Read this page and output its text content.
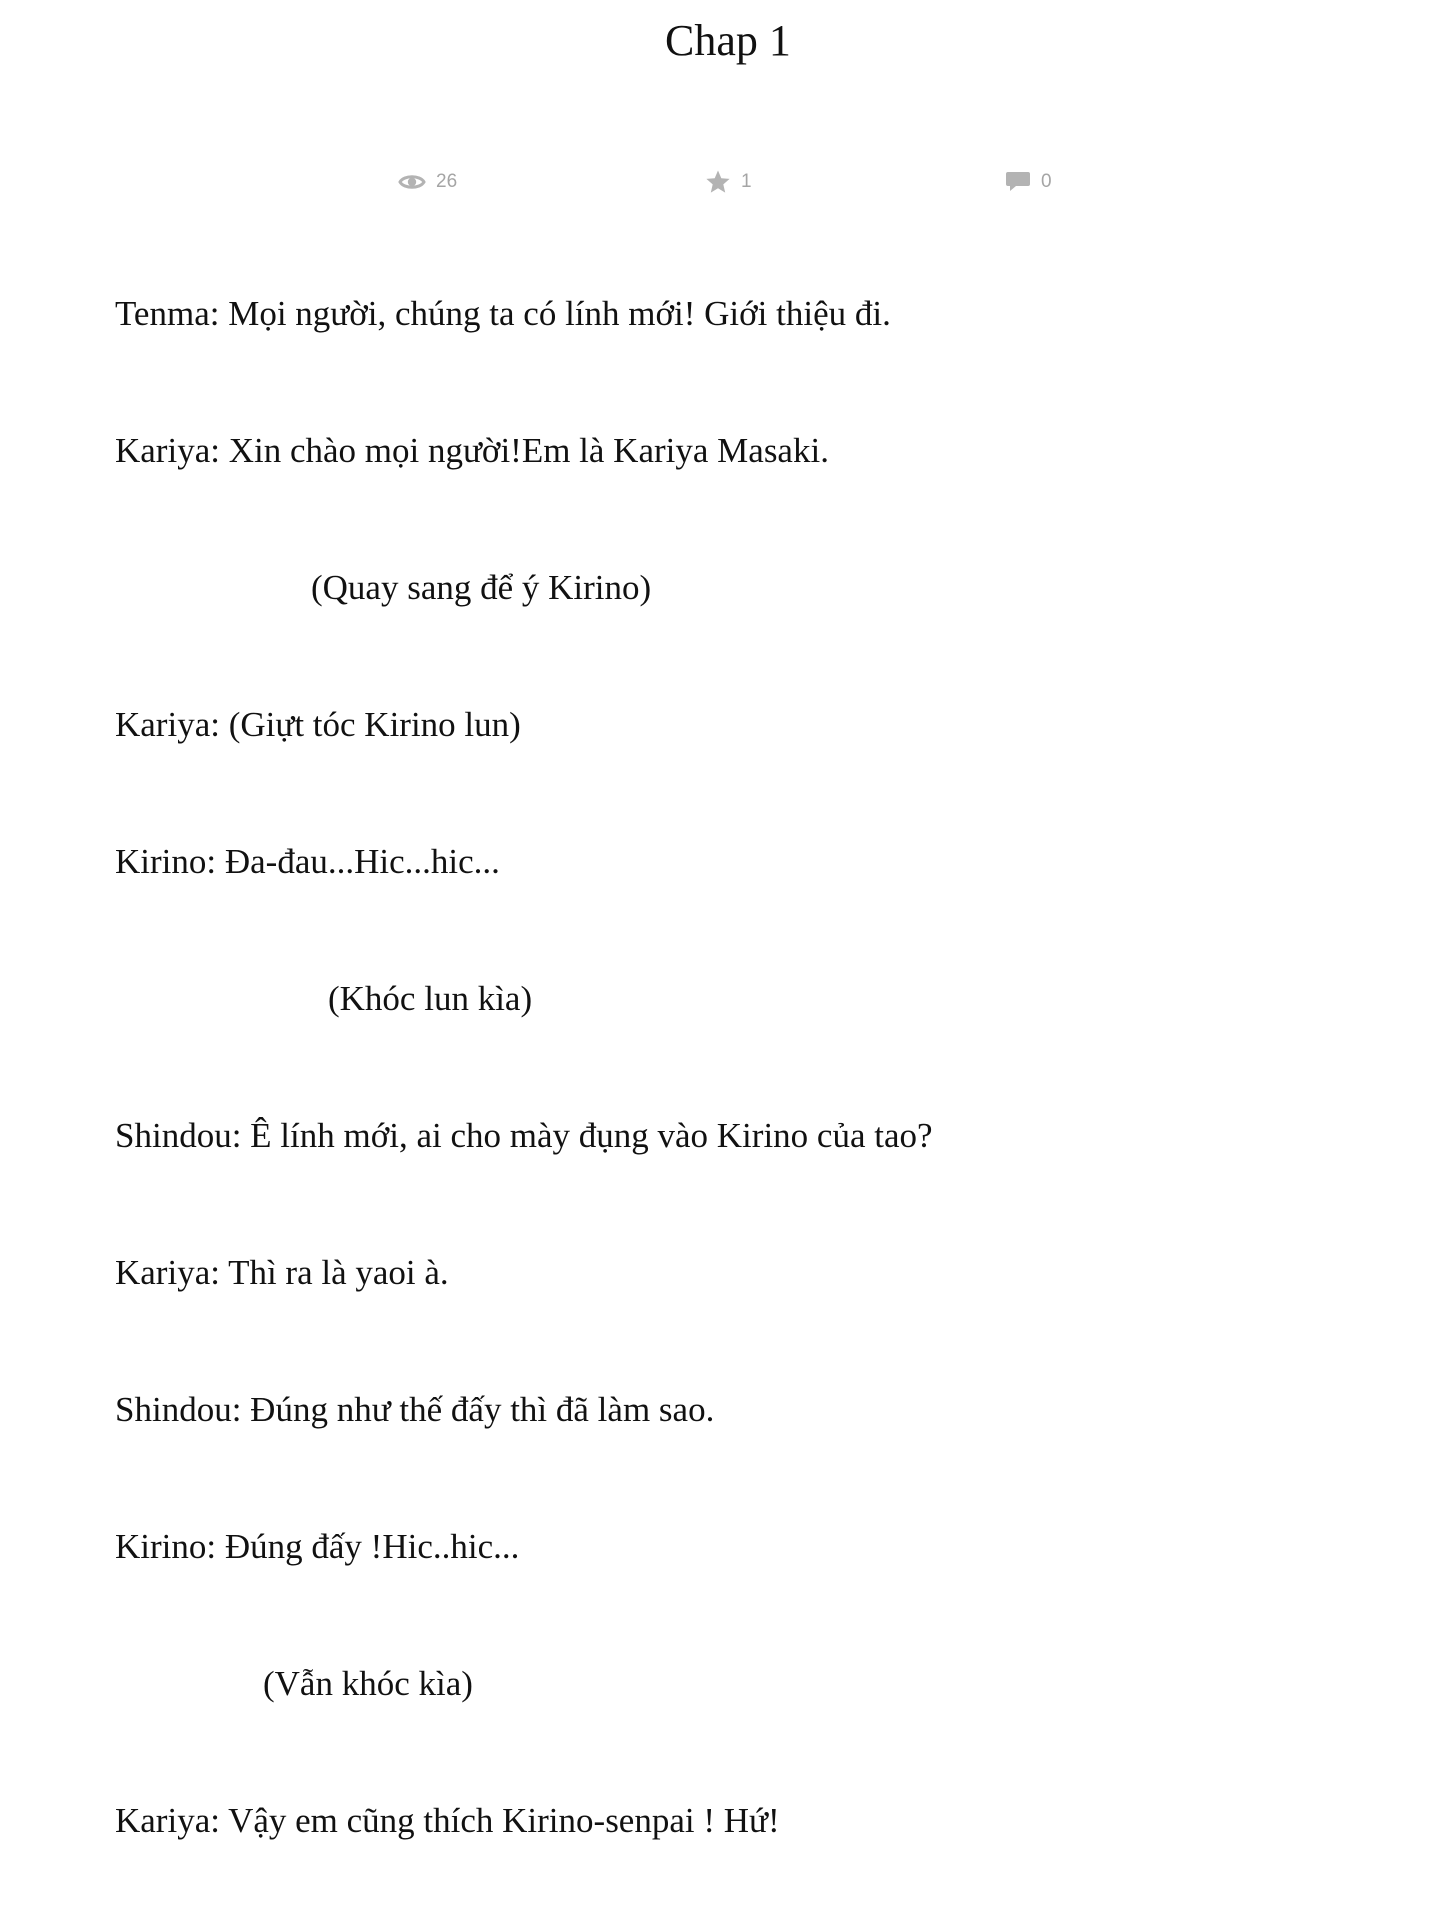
Chap 1
26	1	0

Tenma: Mọi người, chúng ta có lính mới! Giới thiệu đi.

Kariya: Xin chào mọi người!Em là Kariya Masaki.

(Quay sang để ý Kirino)

Kariya: (Giựt tóc Kirino lun)

Kirino: Đa-đau...Hic...hic...

(Khóc lun kìa)

Shindou: Ê lính mới, ai cho mày đụng vào Kirino của tao?

Kariya: Thì ra là yaoi à.

Shindou: Đúng như thế đấy thì đã làm sao.

Kirino: Đúng đấy !Hic..hic...

(Vẫn khóc kìa)

Kariya: Vậy em cũng thích Kirino-senpai ! Hứ!
